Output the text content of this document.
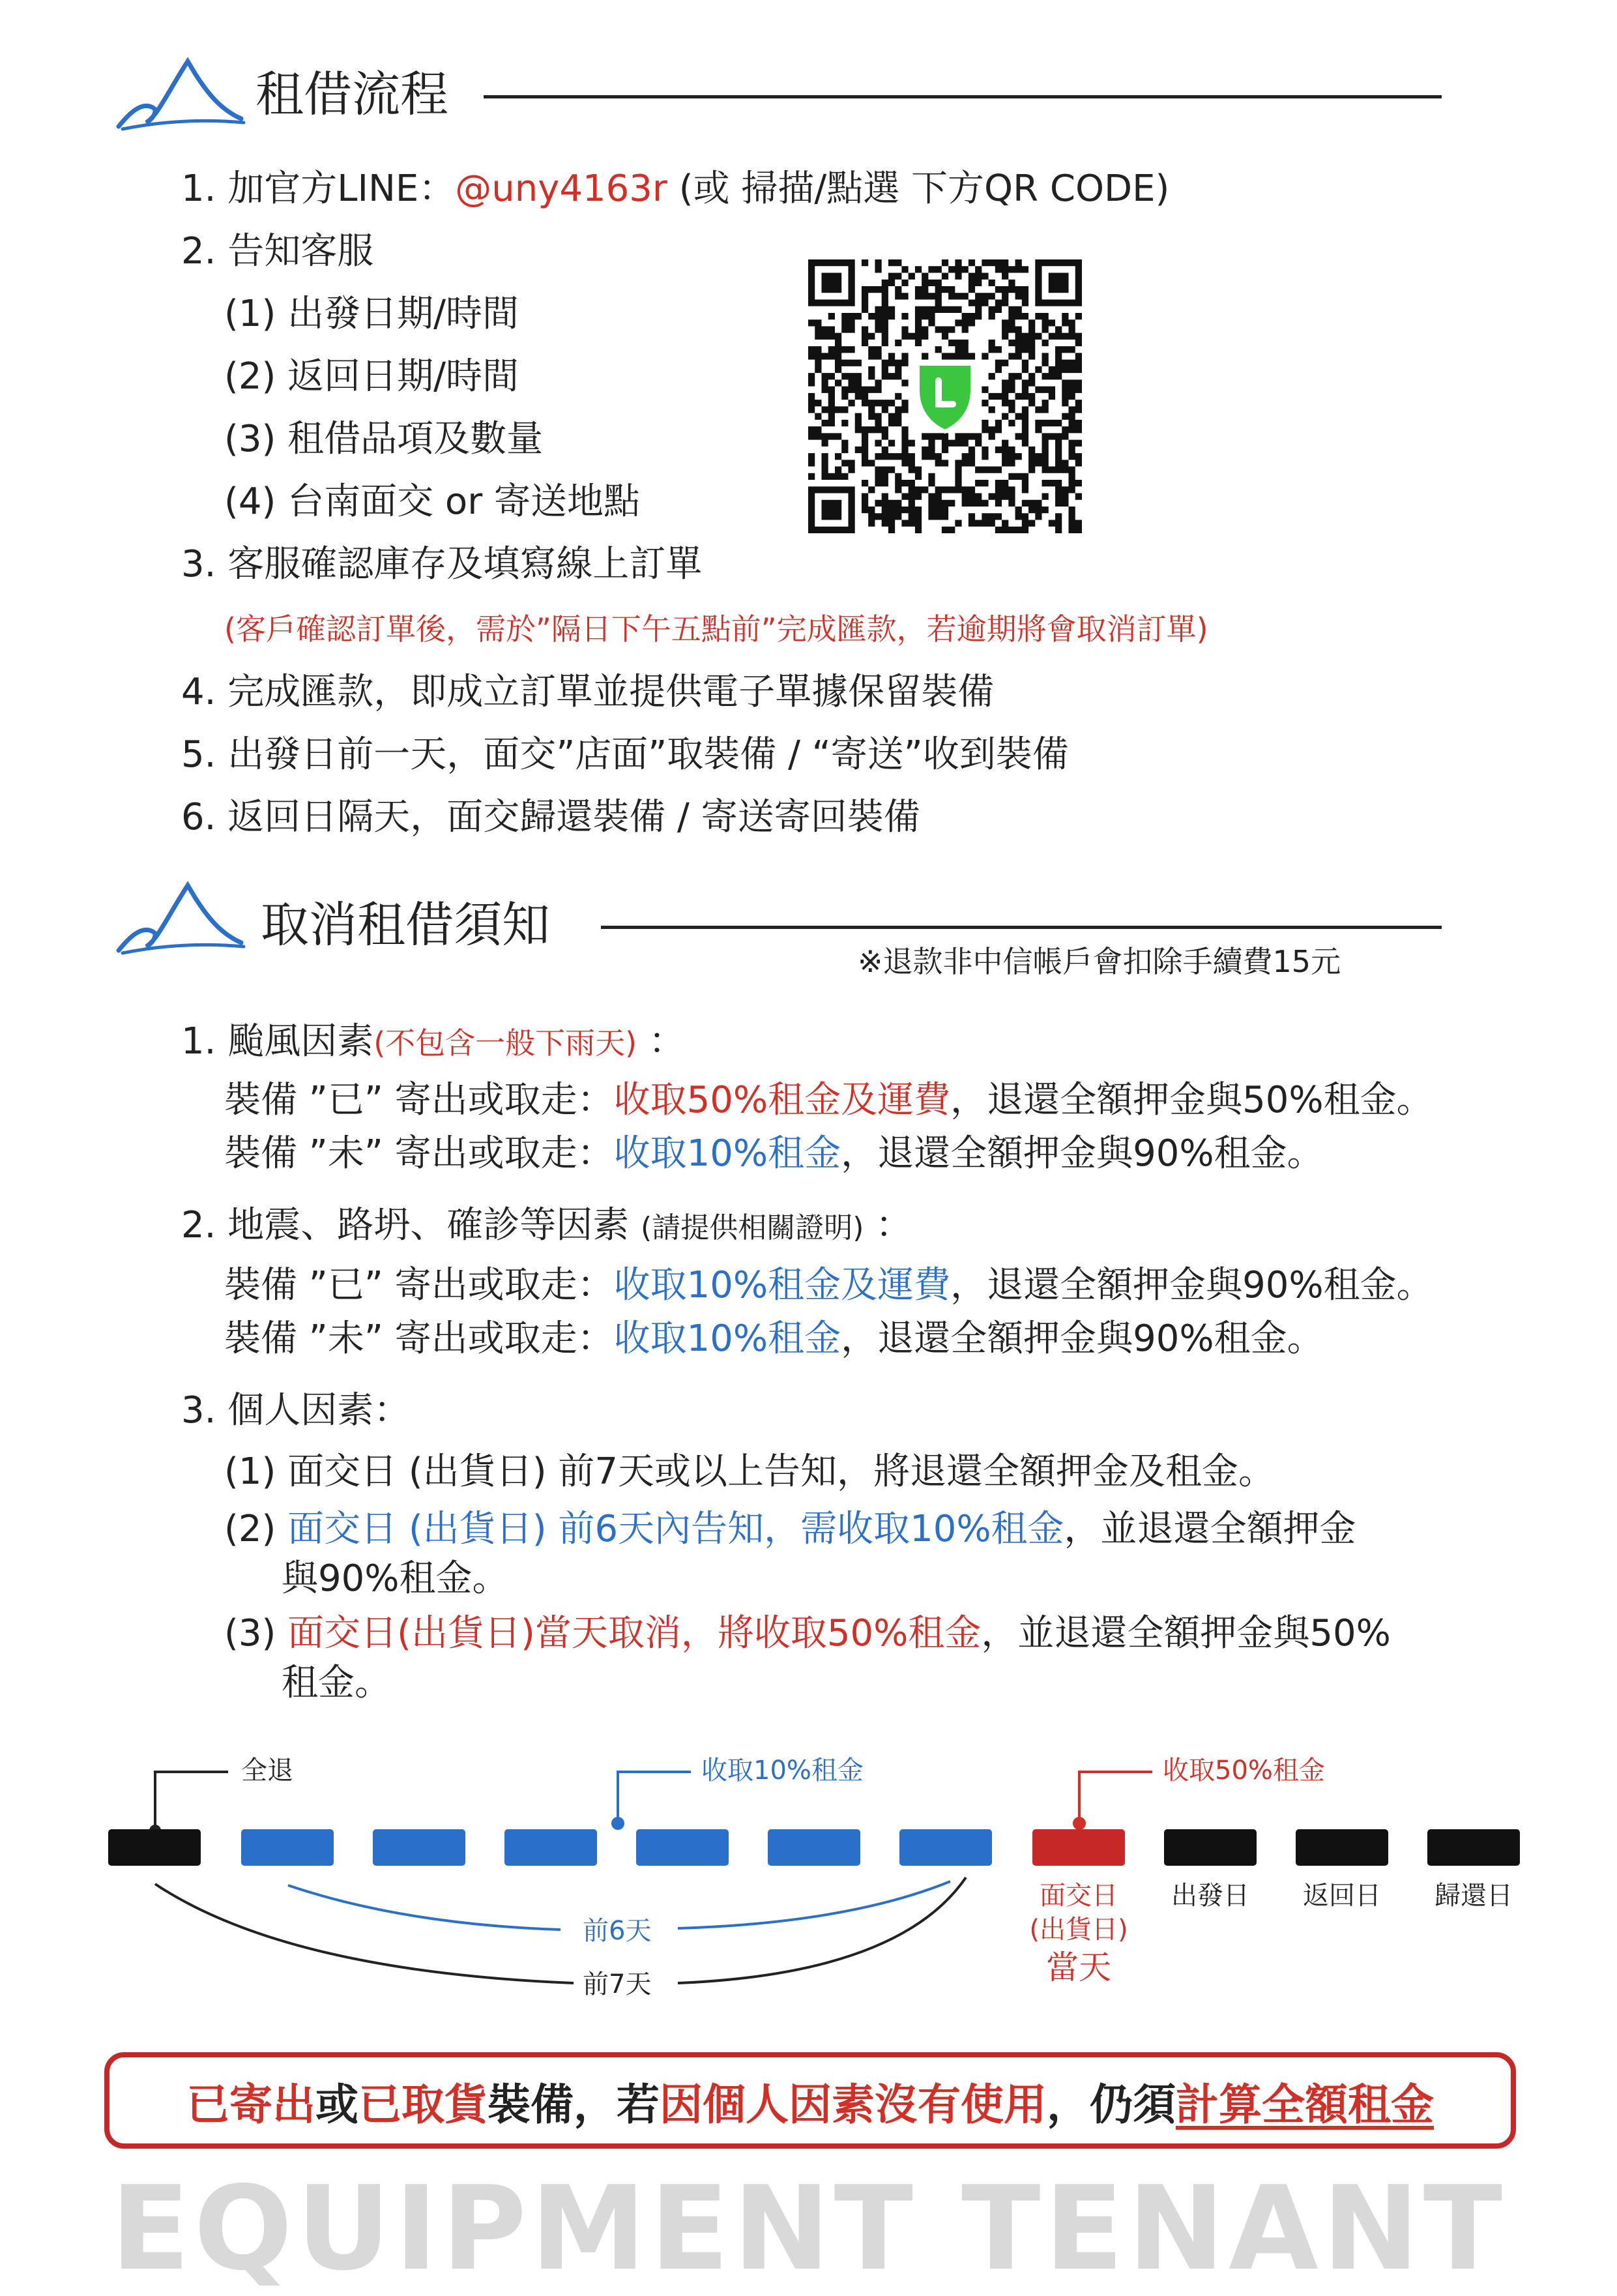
租借流程
1. 加官方LINE：@uny4163r (或 掃描/點選 下方QR CODE)
2. 告知客服
(1) 出發日期/時間
(2) 返回日期/時間
(3) 租借品項及數量
(4) 台南面交 or 寄送地點
3. 客服確認庫存及填寫線上訂單
(客戶確認訂單後，需於”隔日下午五點前”完成匯款，若逾期將會取消訂單)
4. 完成匯款，即成立訂單並提供電子單據保留裝備
5. 出發日前一天，面交”店面”取裝備 / “寄送”收到裝備
6. 返回日隔天，面交歸還裝備 / 寄送寄回裝備
取消租借須知
※退款非中信帳戶會扣除手續費15元
1. 颱風因素(不包含一般下雨天) ：
裝備 ”已” 寄出或取走：收取50%租金及運費，退還全額押金與50%租金。
裝備 ”未” 寄出或取走：收取10%租金，退還全額押金與90%租金。
2. 地震、路坍、確診等因素 (請提供相關證明) ：
裝備 ”已” 寄出或取走：收取10%租金及運費，退還全額押金與90%租金。
裝備 ”未” 寄出或取走：收取10%租金，退還全額押金與90%租金。
3. 個人因素：
(1) 面交日 (出貨日) 前7天或以上告知，將退還全額押金及租金。
(2) 面交日 (出貨日) 前6天內告知，需收取10%租金，並退還全額押金
與90%租金。
(3) 面交日(出貨日)當天取消，將收取50%租金，並退還全額押金與50%
租金。
全退	收取10%租金	收取50%租金
面交日
(出貨日)
當天
出發日 返回日 歸還日
前6天
前7天
已寄出 或 已取貨 裝備，若 因個人因素沒有使用 ，仍須 計算全額租金
EQUIPMENT TENANT
